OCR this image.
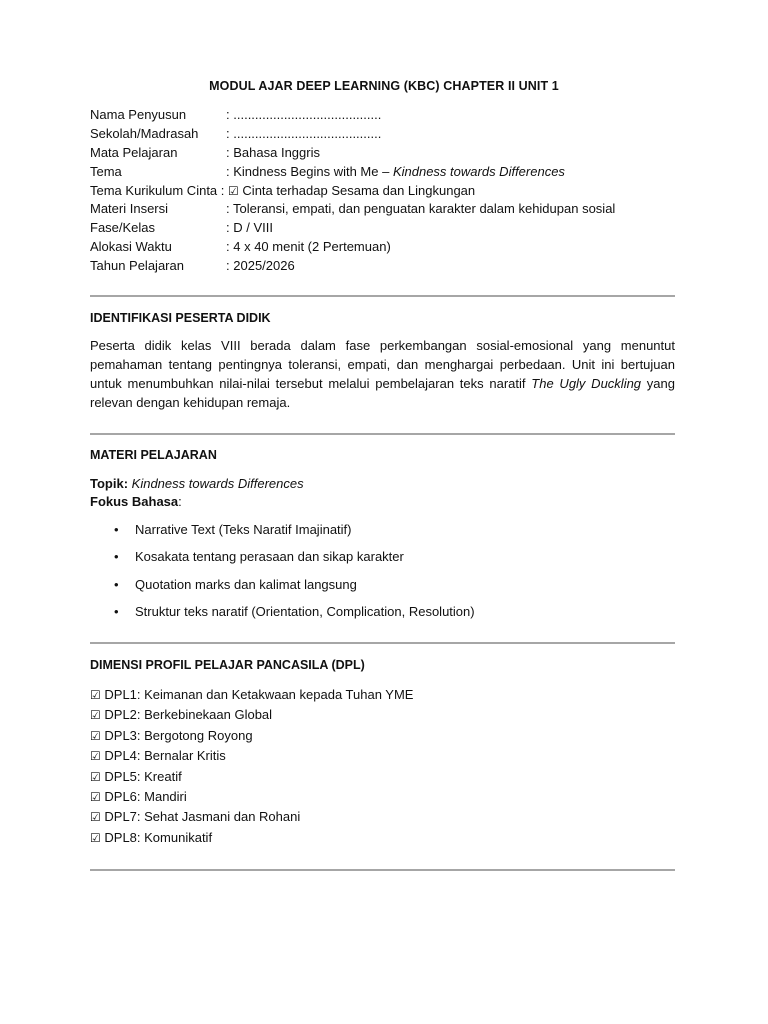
MODUL AJAR DEEP LEARNING (KBC) CHAPTER II UNIT 1
Nama Penyusun	: .........................................
Sekolah/Madrasah : .........................................
Mata Pelajaran	: Bahasa Inggris
Tema	: Kindness Begins with Me – Kindness towards Differences
Tema Kurikulum Cinta : ☑ Cinta terhadap Sesama dan Lingkungan
Materi Insersi	: Toleransi, empati, dan penguatan karakter dalam kehidupan sosial
Fase/Kelas	: D / VIII
Alokasi Waktu	: 4 x 40 menit (2 Pertemuan)
Tahun Pelajaran	: 2025/2026
IDENTIFIKASI PESERTA DIDIK
Peserta didik kelas VIII berada dalam fase perkembangan sosial-emosional yang menuntut pemahaman tentang pentingnya toleransi, empati, dan menghargai perbedaan. Unit ini bertujuan untuk menumbuhkan nilai-nilai tersebut melalui pembelajaran teks naratif The Ugly Duckling yang relevan dengan kehidupan remaja.
MATERI PELAJARAN
Topik: Kindness towards Differences
Fokus Bahasa:
• Narrative Text (Teks Naratif Imajinatif)
• Kosakata tentang perasaan dan sikap karakter
• Quotation marks dan kalimat langsung
• Struktur teks naratif (Orientation, Complication, Resolution)
DIMENSI PROFIL PELAJAR PANCASILA (DPL)
☑ DPL1: Keimanan dan Ketakwaan kepada Tuhan YME
☑ DPL2: Berkebinekaan Global
☑ DPL3: Bergotong Royong
☑ DPL4: Bernalar Kritis
☑ DPL5: Kreatif
☑ DPL6: Mandiri
☑ DPL7: Sehat Jasmani dan Rohani
☑ DPL8: Komunikatif
